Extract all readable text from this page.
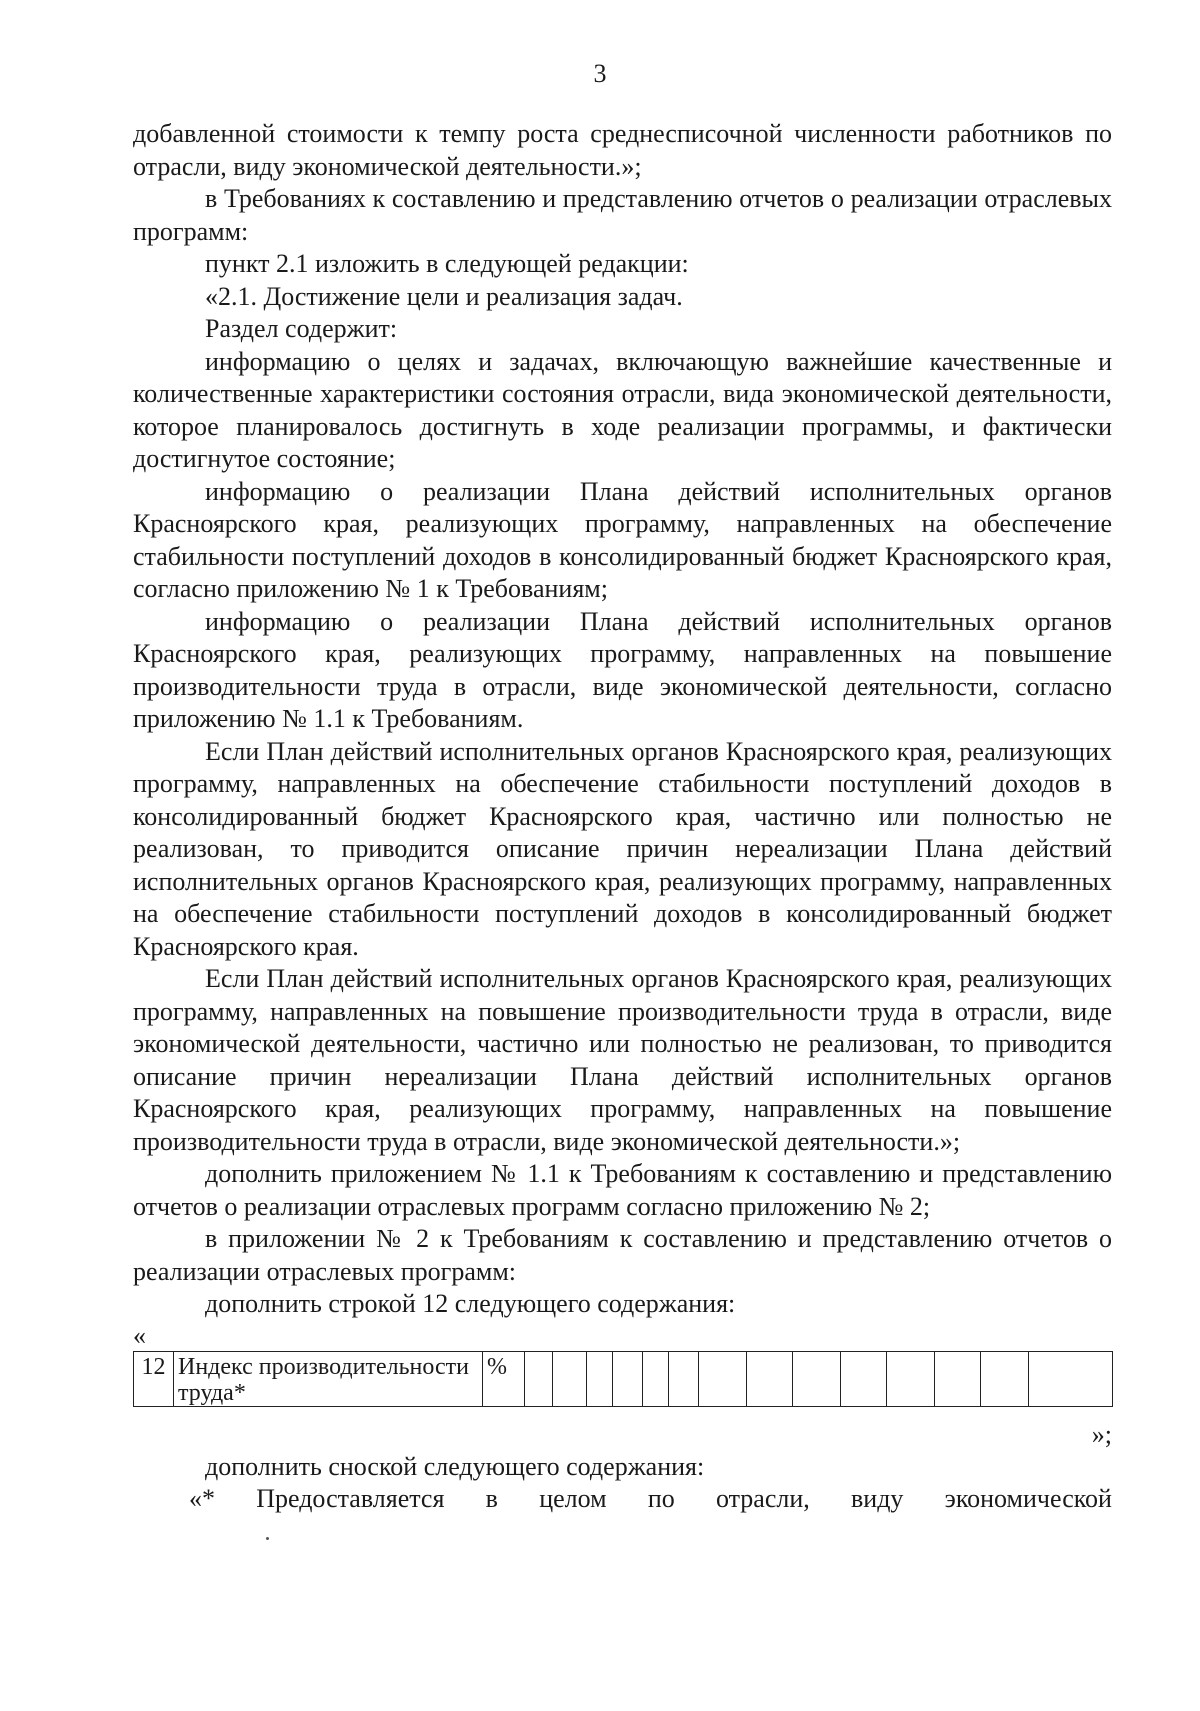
3

добавленной стоимости к темпу роста среднесписочной численности работников по отрасли, виду экономической деятельности.»;

в Требованиях к составлению и представлению отчетов о реализации отраслевых программ:

пункт 2.1 изложить в следующей редакции:

«2.1. Достижение цели и реализация задач.

Раздел содержит:

информацию о целях и задачах, включающую важнейшие качественные и количественные характеристики состояния отрасли, вида экономической деятельности, которое планировалось достигнуть в ходе реализации программы, и фактически достигнутое состояние;

информацию о реализации Плана действий исполнительных органов Красноярского края, реализующих программу, направленных на обеспечение стабильности поступлений доходов в консолидированный бюджет Красноярского края, согласно приложению № 1 к Требованиям;

информацию о реализации Плана действий исполнительных органов Красноярского края, реализующих программу, направленных на повышение производительности труда в отрасли, виде экономической деятельности, согласно приложению № 1.1 к Требованиям.

Если План действий исполнительных органов Красноярского края, реализующих программу, направленных на обеспечение стабильности поступлений доходов в консолидированный бюджет Красноярского края, частично или полностью не реализован, то приводится описание причин нереализации Плана действий исполнительных органов Красноярского края, реализующих программу, направленных на обеспечение стабильности поступлений доходов в консолидированный бюджет Красноярского края.

Если План действий исполнительных органов Красноярского края, реализующих программу, направленных на повышение производительности труда в отрасли, виде экономической деятельности, частично или полностью не реализован, то приводится описание причин нереализации Плана действий исполнительных органов Красноярского края, реализующих программу, направленных на повышение производительности труда в отрасли, виде экономической деятельности.»;

дополнить приложением № 1.1 к Требованиям к составлению и представлению отчетов о реализации отраслевых программ согласно приложению № 2;

в приложении № 2 к Требованиям к составлению и представлению отчетов о реализации отраслевых программ:

дополнить строкой 12 следующего содержания:

«

12	Индекс производительности труда*	%															

»;

дополнить сноской следующего содержания:

«* Предоставляется в целом по отрасли, виду экономической
